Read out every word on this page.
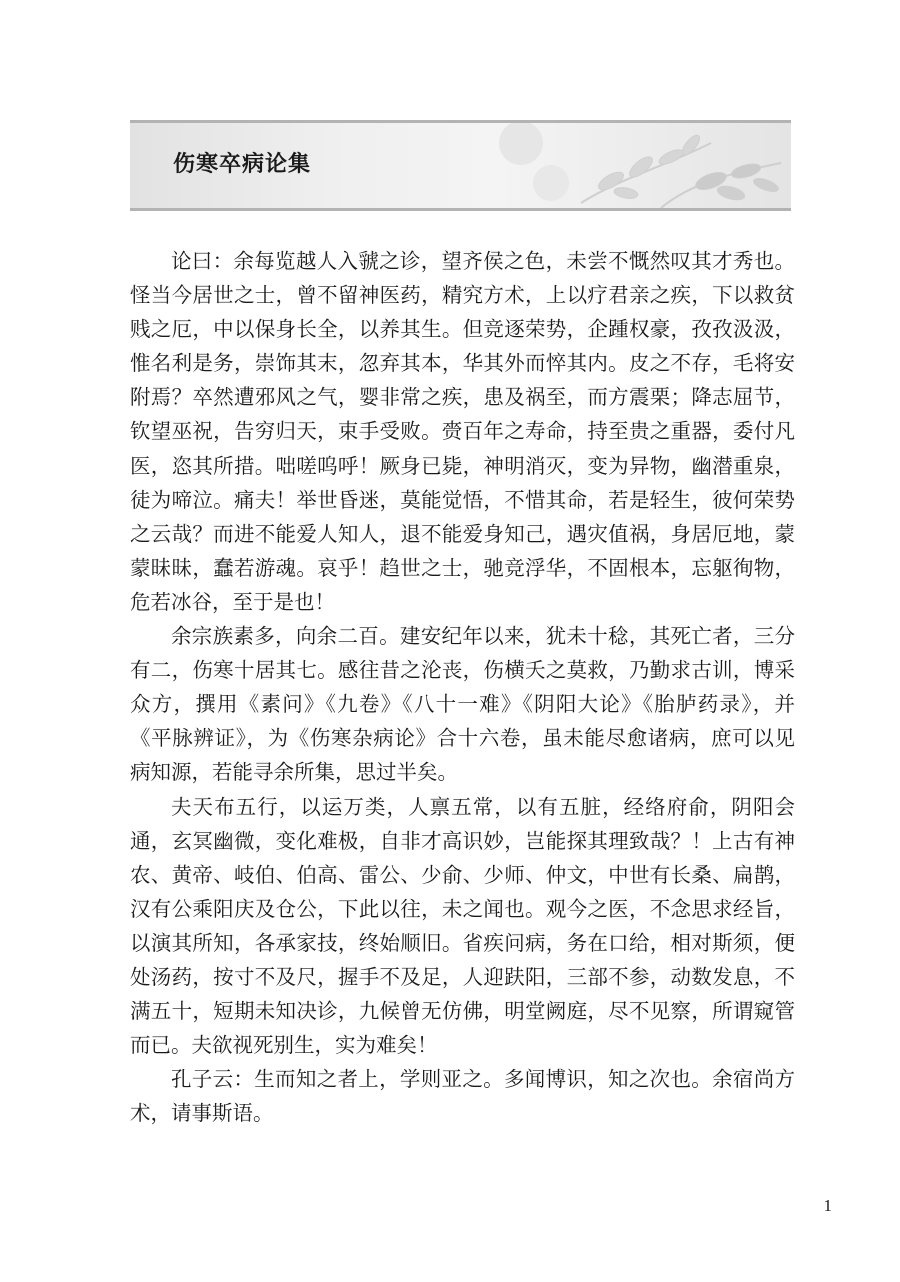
伤寒卒病论集

论曰：余每览越人入虢之诊，望齐侯之色，未尝不慨然叹其才秀也。怪当今居世之士，曾不留神医药，精究方术，上以疗君亲之疾，下以救贫贱之厄，中以保身长全，以养其生。但竞逐荣势，企踵权豪，孜孜汲汲，惟名利是务，崇饰其末，忽弃其本，华其外而悴其内。皮之不存，毛将安附焉？卒然遭邪风之气，婴非常之疾，患及祸至，而方震栗；降志屈节，钦望巫祝，告穷归天，束手受败。赍百年之寿命，持至贵之重器，委付凡医，恣其所措。咄嗟呜呼！厥身已毙，神明消灭，变为异物，幽潜重泉，徒为啼泣。痛夫！举世昏迷，莫能觉悟，不惜其命，若是轻生，彼何荣势之云哉？而进不能爱人知人，退不能爱身知己，遇灾值祸，身居厄地，蒙蒙昧昧，蠢若游魂。哀乎！趋世之士，驰竞浮华，不固根本，忘躯徇物，危若冰谷，至于是也！

余宗族素多，向余二百。建安纪年以来，犹未十稔，其死亡者，三分有二，伤寒十居其七。感往昔之沦丧，伤横夭之莫救，乃勤求古训，博采众方，撰用《素问》《九卷》《八十一难》《阴阳大论》《胎胪药录》，并《平脉辨证》，为《伤寒杂病论》合十六卷，虽未能尽愈诸病，庶可以见病知源，若能寻余所集，思过半矣。

夫天布五行，以运万类，人禀五常，以有五脏，经络府俞，阴阳会通，玄冥幽微，变化难极，自非才高识妙，岂能探其理致哉？！上古有神农、黄帝、岐伯、伯高、雷公、少俞、少师、仲文，中世有长桑、扁鹊，汉有公乘阳庆及仓公，下此以往，未之闻也。观今之医，不念思求经旨，以演其所知，各承家技，终始顺旧。省疾问病，务在口给，相对斯须，便处汤药，按寸不及尺，握手不及足，人迎趺阳，三部不参，动数发息，不满五十，短期未知决诊，九候曾无仿佛，明堂阙庭，尽不见察，所谓窥管而已。夫欲视死别生，实为难矣！

孔子云：生而知之者上，学则亚之。多闻博识，知之次也。余宿尚方术，请事斯语。

1
